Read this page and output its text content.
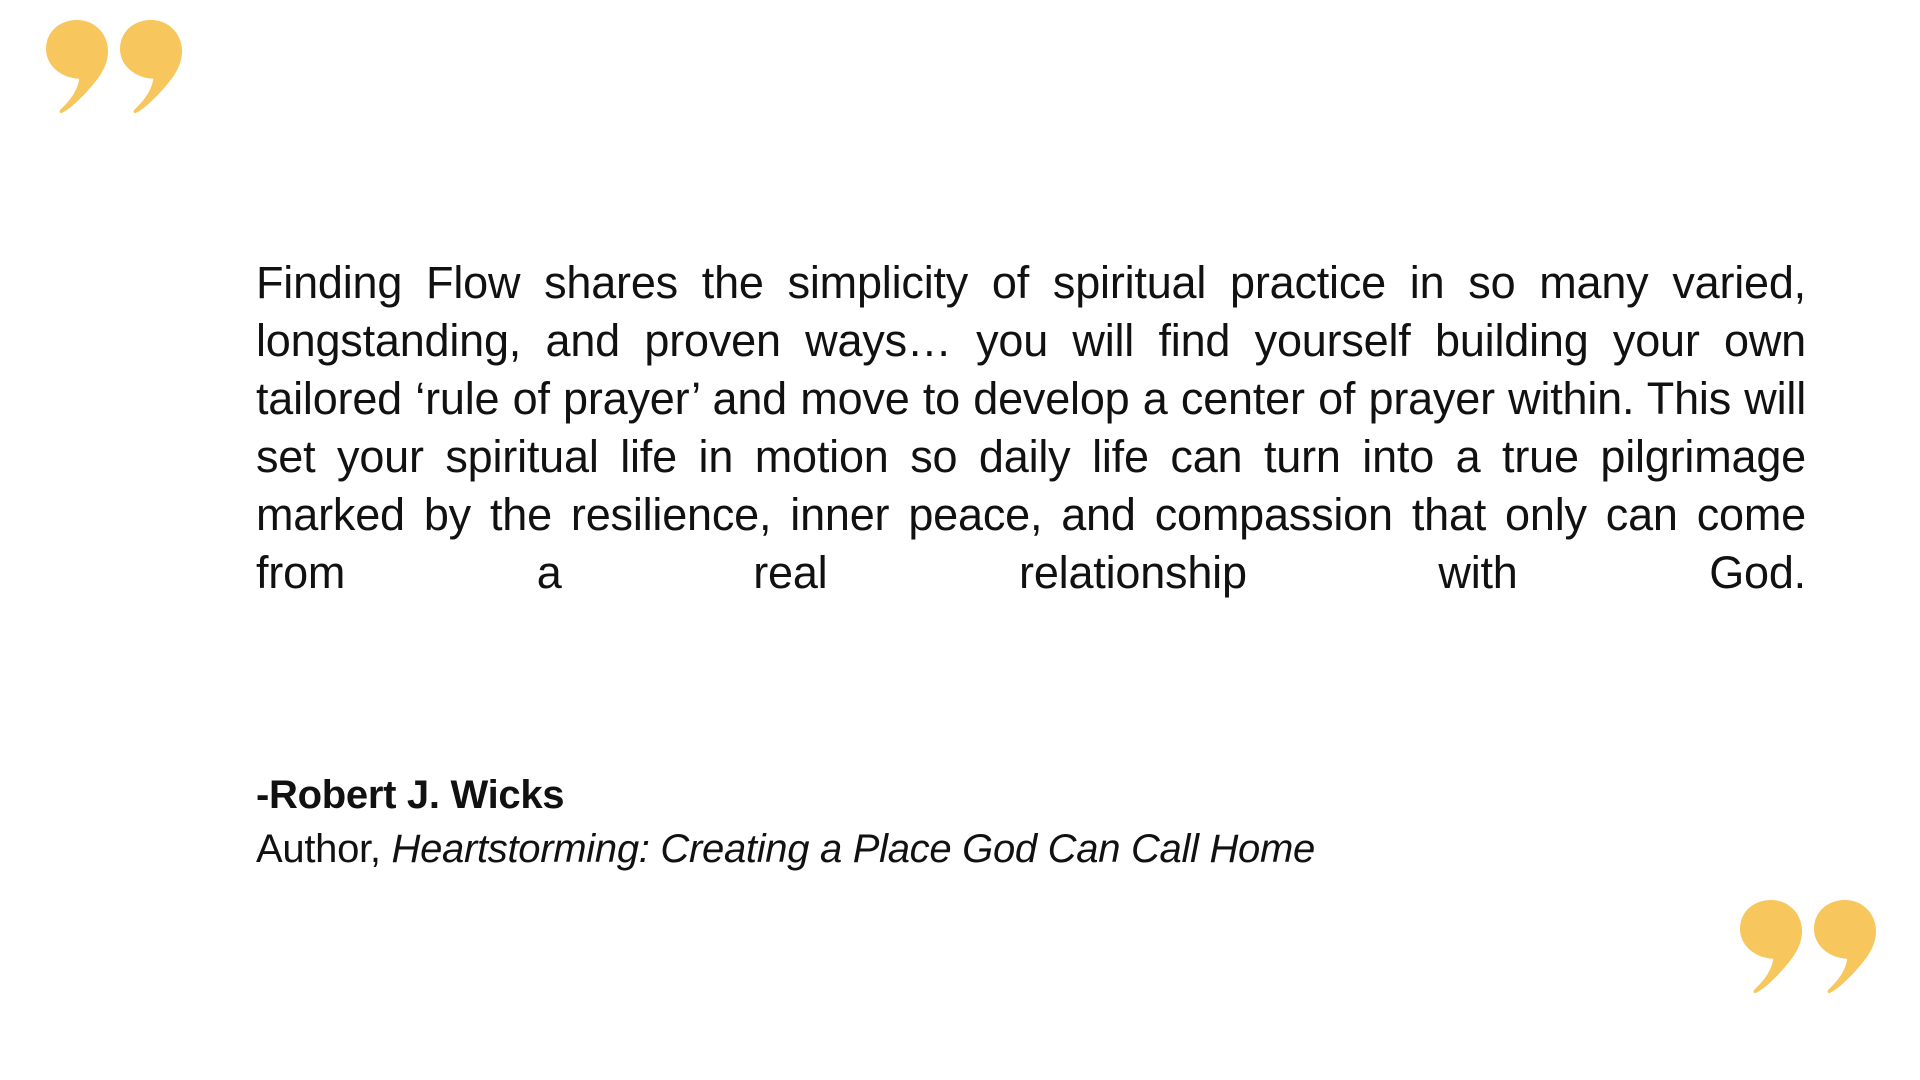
Finding Flow shares the simplicity of spiritual practice in so many varied, longstanding, and proven ways… you will find yourself building your own tailored ‘rule of prayer’ and move to develop a center of prayer within. This will set your spiritual life in motion so daily life can turn into a true pilgrimage marked by the resilience, inner peace, and compassion that only can come from a real relationship with God.

-Robert J. Wicks
Author, Heartstorming: Creating a Place God Can Call Home
